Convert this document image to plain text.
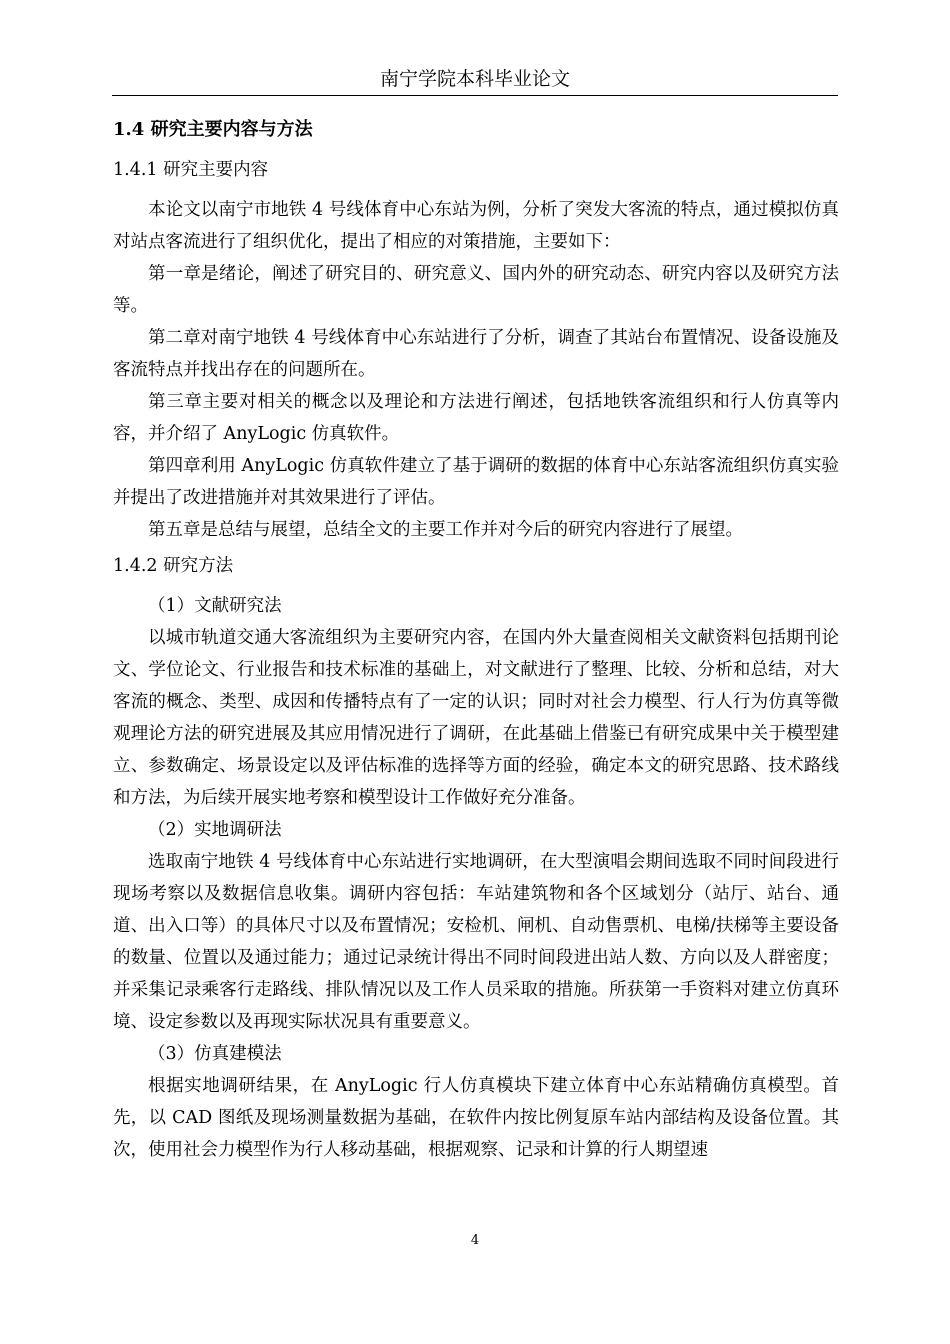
南宁学院本科毕业论文
1.4 研究主要内容与方法
1.4.1 研究主要内容

本论文以南宁市地铁 4 号线体育中心东站为例，分析了突发大客流的特点，通过模拟仿真对站点客流进行了组织优化，提出了相应的对策措施，主要如下：

第一章是绪论，阐述了研究目的、研究意义、国内外的研究动态、研究内容以及研究方法等。

第二章对南宁地铁 4 号线体育中心东站进行了分析，调查了其站台布置情况、设备设施及客流特点并找出存在的问题所在。

第三章主要对相关的概念以及理论和方法进行阐述，包括地铁客流组织和行人仿真等内容，并介绍了 AnyLogic 仿真软件。

第四章利用 AnyLogic 仿真软件建立了基于调研的数据的体育中心东站客流组织仿真实验并提出了改进措施并对其效果进行了评估。

第五章是总结与展望，总结全文的主要工作并对今后的研究内容进行了展望。

1.4.2 研究方法
（1）文献研究法

以城市轨道交通大客流组织为主要研究内容，在国内外大量查阅相关文献资料包括期刊论文、学位论文、行业报告和技术标准的基础上，对文献进行了整理、比较、分析和总结，对大客流的概念、类型、成因和传播特点有了一定的认识；同时对社会力模型、行人行为仿真等微观理论方法的研究进展及其应用情况进行了调研，在此基础上借鉴已有研究成果中关于模型建立、参数确定、场景设定以及评估标准的选择等方面的经验，确定本文的研究思路、技术路线和方法，为后续开展实地考察和模型设计工作做好充分准备。

（2）实地调研法

选取南宁地铁 4 号线体育中心东站进行实地调研，在大型演唱会期间选取不同时间段进行现场考察以及数据信息收集。调研内容包括：车站建筑物和各个区域划分（站厅、站台、通道、出入口等）的具体尺寸以及布置情况；安检机、闸机、自动售票机、电梯/扶梯等主要设备的数量、位置以及通过能力；通过记录统计得出不同时间段进出站人数、方向以及人群密度；并采集记录乘客行走路线、排队情况以及工作人员采取的措施。所获第一手资料对建立仿真环境、设定参数以及再现实际状况具有重要意义。

（3）仿真建模法

根据实地调研结果，在 AnyLogic 行人仿真模块下建立体育中心东站精确仿真模型。首先，以 CAD 图纸及现场测量数据为基础，在软件内按比例复原车站内部结构及设备位置。其次，使用社会力模型作为行人移动基础，根据观察、记录和计算的行人期望速

4
